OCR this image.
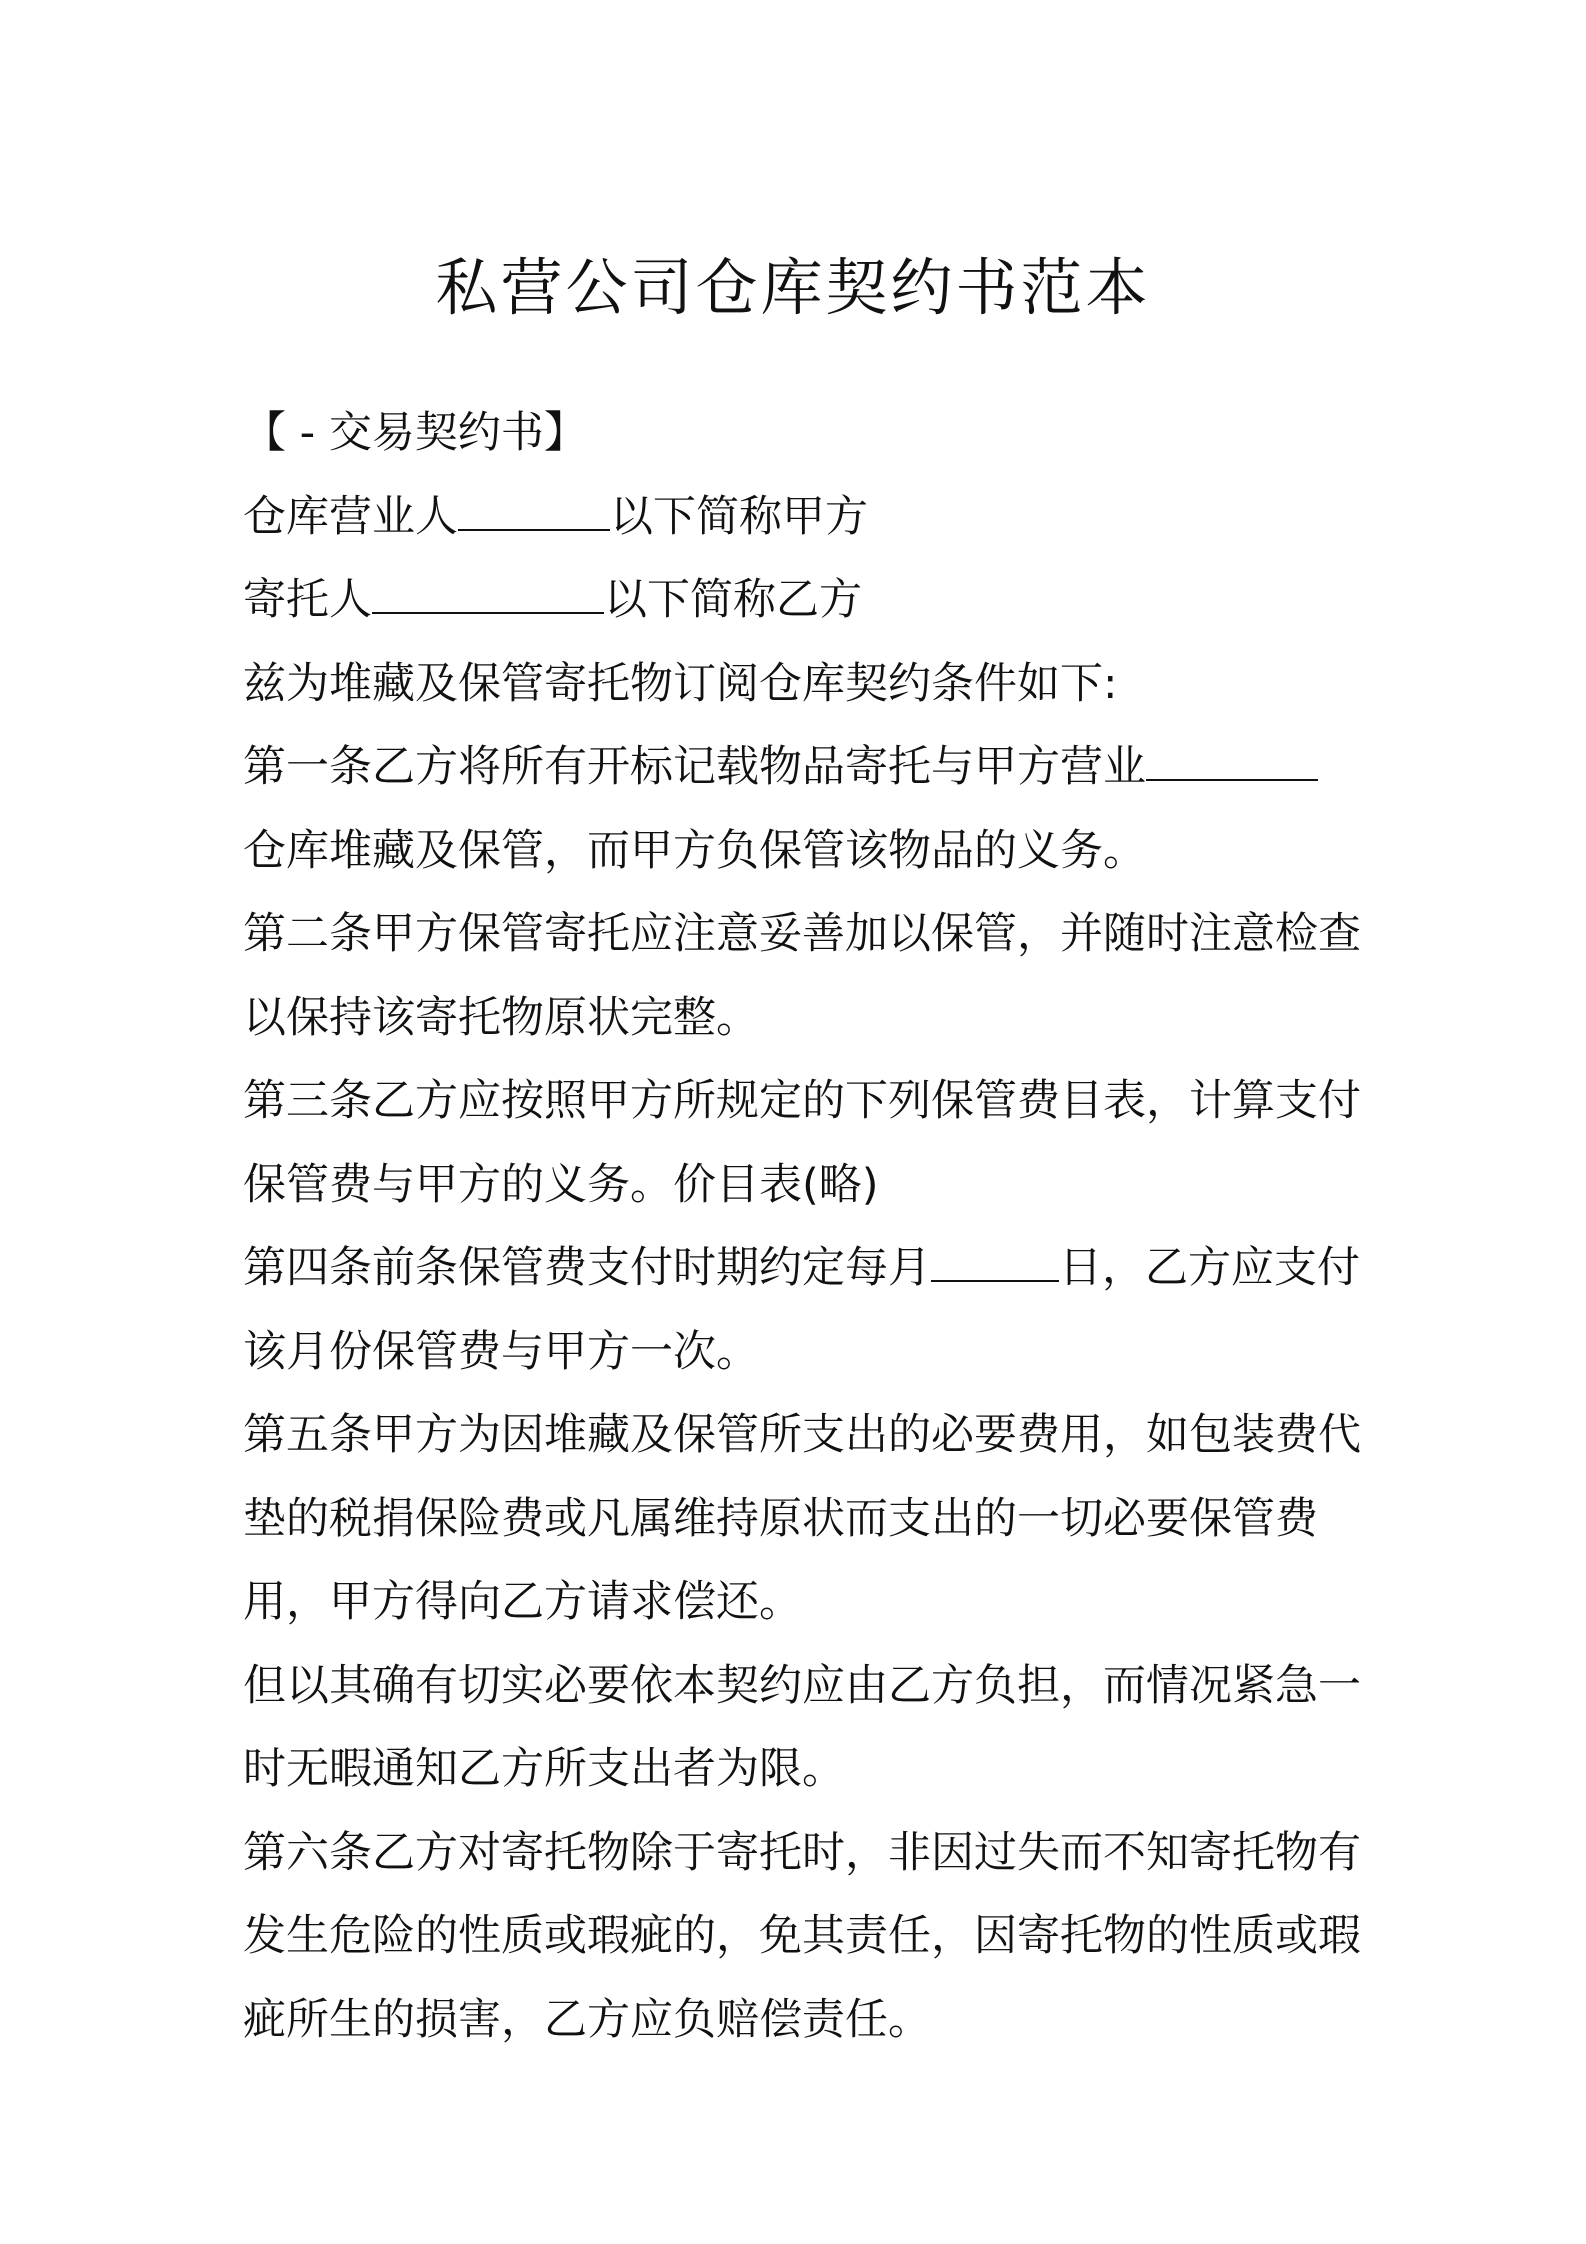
私营公司仓库契约书范本
【 - 交易契约书】
仓库营业人	以下简称甲方
寄托人	以下简称乙方
兹为堆藏及保管寄托物订阅仓库契约条件如下:
第一条乙方将所有开标记载物品寄托与甲方营业
仓库堆藏及保管，而甲方负保管该物品的义务。
第二条甲方保管寄托应注意妥善加以保管，并随时注意检查
以保持该寄托物原状完整。
第三条乙方应按照甲方所规定的下列保管费目表，计算支付
保管费与甲方的义务。价目表(略)
第四条前条保管费支付时期约定每月	日，乙方应支付
该月份保管费与甲方一次。
第五条甲方为因堆藏及保管所支出的必要费用，如包装费代
垫的税捐保险费或凡属维持原状而支出的一切必要保管费
用，甲方得向乙方请求偿还。
但以其确有切实必要依本契约应由乙方负担，而情况紧急一
时无暇通知乙方所支出者为限。
第六条乙方对寄托物除于寄托时，非因过失而不知寄托物有
发生危险的性质或瑕疵的，免其责任，因寄托物的性质或瑕
疵所生的损害，乙方应负赔偿责任。
